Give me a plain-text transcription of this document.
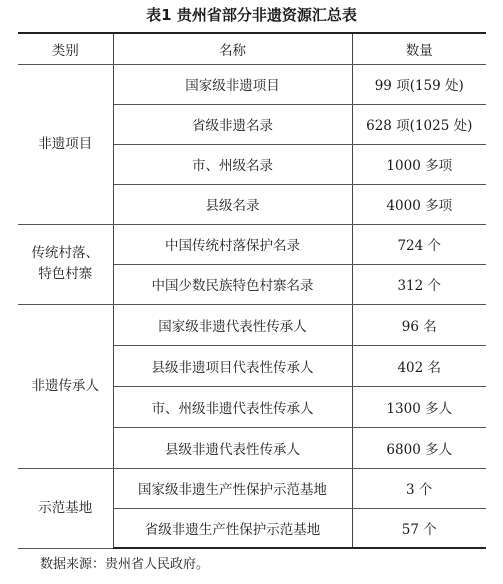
表1 贵州省部分非遗资源汇总表
类别	名称	数量
非遗项目	国家级非遗项目	99 项(159 处)
	省级非遗名录	628 项(1025 处)
	市、州级名录	1000 多项
	县级名录	4000 多项

传统村落、
特色村寨	中国传统村落保护名录	724 个
	中国少数民族特色村寨名录	312 个
非遗传承人	国家级非遗代表性传承人	96 名
	县级非遗项目代表性传承人	402 名
	市、州级非遗代表性传承人	1300 多人
	县级非遗代表性传承人	6800 多人
示范基地	国家级非遗生产性保护示范基地	3 个
	省级非遗生产性保护示范基地	57 个
数据来源：贵州省人民政府。
